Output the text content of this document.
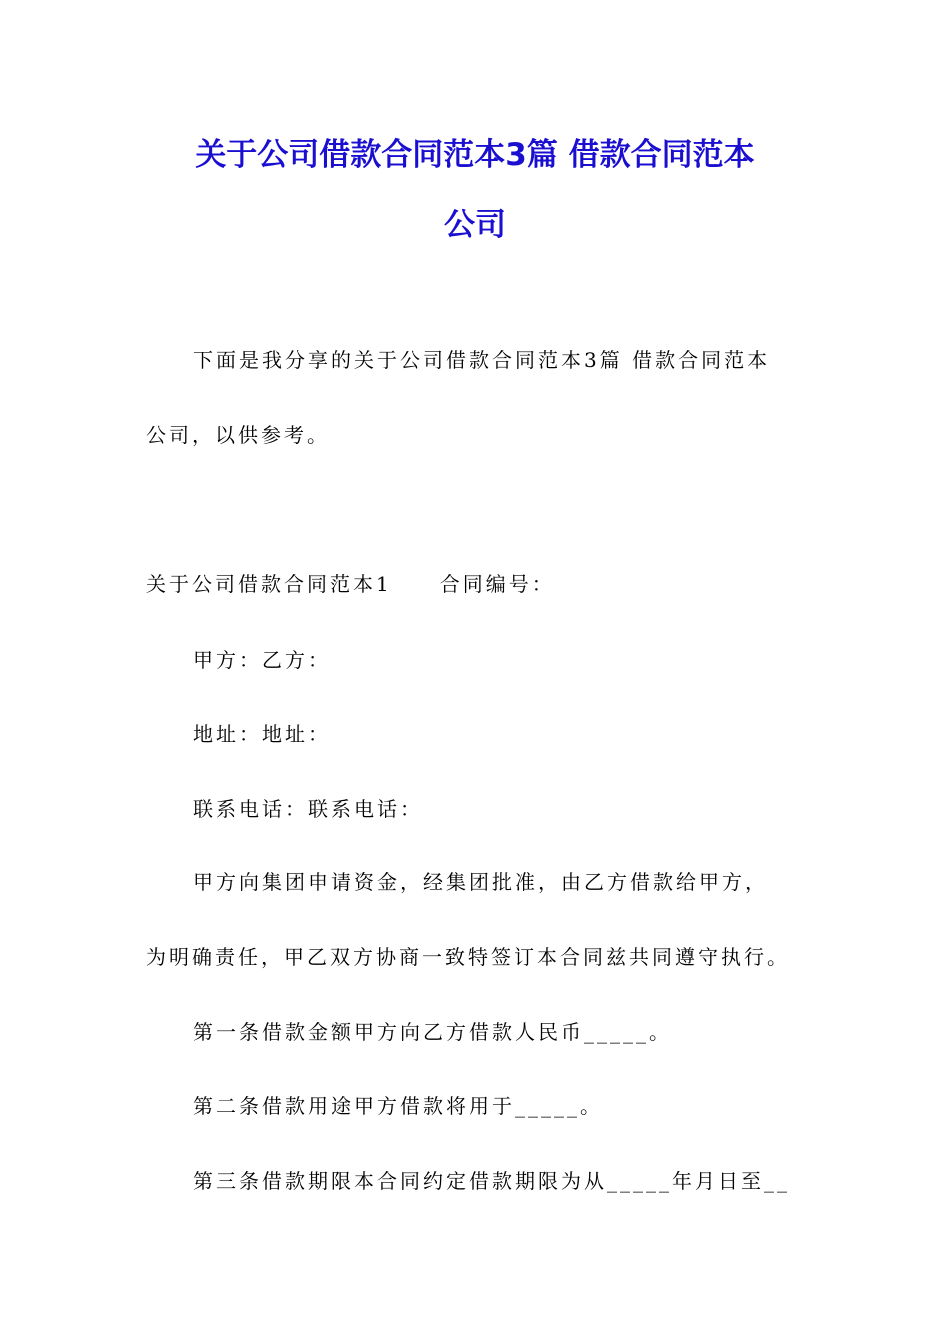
关于公司借款合同范本3篇 借款合同范本
公司
下面是我分享的关于公司借款合同范本3篇 借款合同范本
公司，以供参考。
关于公司借款合同范本1 合同编号：
甲方：乙方：
地址：地址：
联系电话：联系电话：
甲方向集团申请资金，经集团批准，由乙方借款给甲方，
为明确责任，甲乙双方协商一致特签订本合同兹共同遵守执行。
第一条借款金额甲方向乙方借款人民币_____。
第二条借款用途甲方借款将用于_____。
第三条借款期限本合同约定借款期限为从_____年月日至__
